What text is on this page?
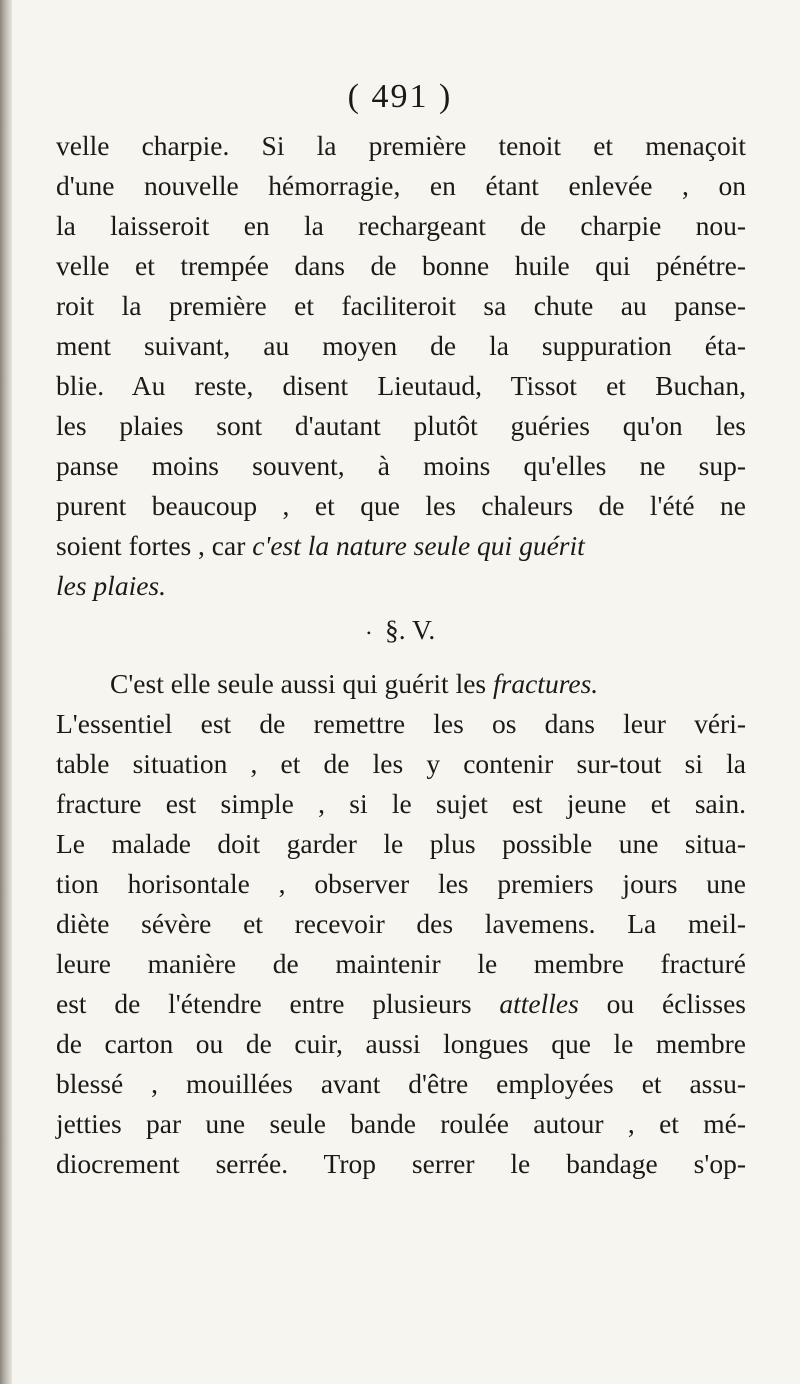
( 491 )
velle charpie. Si la première tenoit et menaçoit
d'une nouvelle hémorragie, en étant enlevée , on
la laisseroit en la rechargeant de charpie nou-
velle et trempée dans de bonne huile qui pénétre-
roit la première et faciliteroit sa chute au panse-
ment suivant, au moyen de la suppuration éta-
blie. Au reste, disent Lieutaud, Tissot et Buchan,
les plaies sont d'autant plutôt guéries qu'on les
panse moins souvent, à moins qu'elles ne sup-
purent beaucoup , et que les chaleurs de l'été ne
soient fortes , car c'est la nature seule qui guérit
les plaies.
• §. V.
C'est elle seule aussi qui guérit les fractures.
L'essentiel est de remettre les os dans leur véri-
table situation , et de les y contenir sur-tout si la
fracture est simple , si le sujet est jeune et sain.
Le malade doit garder le plus possible une situa-
tion horisontale , observer les premiers jours une
diète sévère et recevoir des lavemens. La meil-
leure manière de maintenir le membre fracturé
est de l'étendre entre plusieurs attelles ou éclisses
de carton ou de cuir, aussi longues que le membre
blessé , mouillées avant d'être employées et assu-
jetties par une seule bande roulée autour , et mé-
diocrement serrée. Trop serrer le bandage s'op-
